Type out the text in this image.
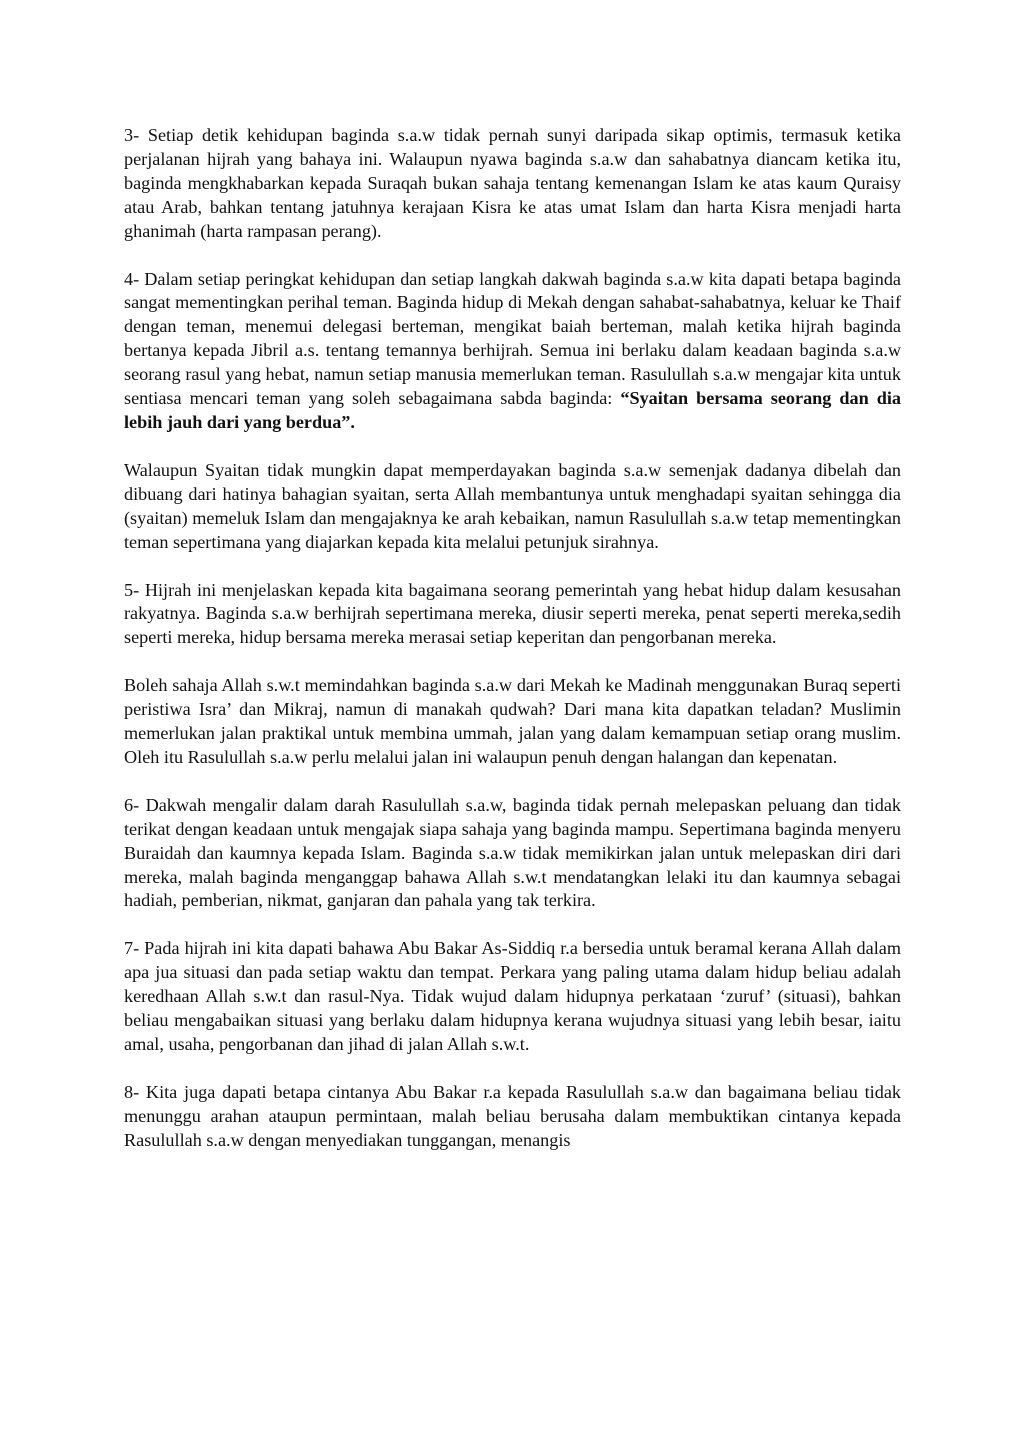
3- Setiap detik kehidupan baginda s.a.w tidak pernah sunyi daripada sikap optimis, termasuk ketika perjalanan hijrah yang bahaya ini. Walaupun nyawa baginda s.a.w dan sahabatnya diancam ketika itu, baginda mengkhabarkan kepada Suraqah bukan sahaja tentang kemenangan Islam ke atas kaum Quraisy atau Arab, bahkan tentang jatuhnya kerajaan Kisra ke atas umat Islam dan harta Kisra menjadi harta ghanimah (harta rampasan perang).

4- Dalam setiap peringkat kehidupan dan setiap langkah dakwah baginda s.a.w kita dapati betapa baginda sangat mementingkan perihal teman. Baginda hidup di Mekah dengan sahabat-sahabatnya, keluar ke Thaif dengan teman, menemui delegasi berteman, mengikat baiah berteman, malah ketika hijrah baginda bertanya kepada Jibril a.s. tentang temannya berhijrah. Semua ini berlaku dalam keadaan baginda s.a.w seorang rasul yang hebat, namun setiap manusia memerlukan teman. Rasulullah s.a.w mengajar kita untuk sentiasa mencari teman yang soleh sebagaimana sabda baginda: “Syaitan bersama seorang dan dia lebih jauh dari yang berdua”.

Walaupun Syaitan tidak mungkin dapat memperdayakan baginda s.a.w semenjak dadanya dibelah dan dibuang dari hatinya bahagian syaitan, serta Allah membantunya untuk menghadapi syaitan sehingga dia (syaitan) memeluk Islam dan mengajaknya ke arah kebaikan, namun Rasulullah s.a.w tetap mementingkan teman sepertimana yang diajarkan kepada kita melalui petunjuk sirahnya.

5- Hijrah ini menjelaskan kepada kita bagaimana seorang pemerintah yang hebat hidup dalam kesusahan rakyatnya. Baginda s.a.w berhijrah sepertimana mereka, diusir seperti mereka, penat seperti mereka,sedih seperti mereka, hidup bersama mereka merasai setiap keperitan dan pengorbanan mereka.

Boleh sahaja Allah s.w.t memindahkan baginda s.a.w dari Mekah ke Madinah menggunakan Buraq seperti peristiwa Isra’ dan Mikraj, namun di manakah qudwah? Dari mana kita dapatkan teladan? Muslimin memerlukan jalan praktikal untuk membina ummah, jalan yang dalam kemampuan setiap orang muslim. Oleh itu Rasulullah s.a.w perlu melalui jalan ini walaupun penuh dengan halangan dan kepenatan.

6- Dakwah mengalir dalam darah Rasulullah s.a.w, baginda tidak pernah melepaskan peluang dan tidak terikat dengan keadaan untuk mengajak siapa sahaja yang baginda mampu. Sepertimana baginda menyeru Buraidah dan kaumnya kepada Islam. Baginda s.a.w tidak memikirkan jalan untuk melepaskan diri dari mereka, malah baginda menganggap bahawa Allah s.w.t mendatangkan lelaki itu dan kaumnya sebagai hadiah, pemberian, nikmat, ganjaran dan pahala yang tak terkira.

7- Pada hijrah ini kita dapati bahawa Abu Bakar As-Siddiq r.a bersedia untuk beramal kerana Allah dalam apa jua situasi dan pada setiap waktu dan tempat. Perkara yang paling utama dalam hidup beliau adalah keredhaan Allah s.w.t dan rasul-Nya. Tidak wujud dalam hidupnya perkataan ‘zuruf’ (situasi), bahkan beliau mengabaikan situasi yang berlaku dalam hidupnya kerana wujudnya situasi yang lebih besar, iaitu amal, usaha, pengorbanan dan jihad di jalan Allah s.w.t.

8- Kita juga dapati betapa cintanya Abu Bakar r.a kepada Rasulullah s.a.w dan bagaimana beliau tidak menunggu arahan ataupun permintaan, malah beliau berusaha dalam membuktikan cintanya kepada Rasulullah s.a.w dengan menyediakan tunggangan, menangis
